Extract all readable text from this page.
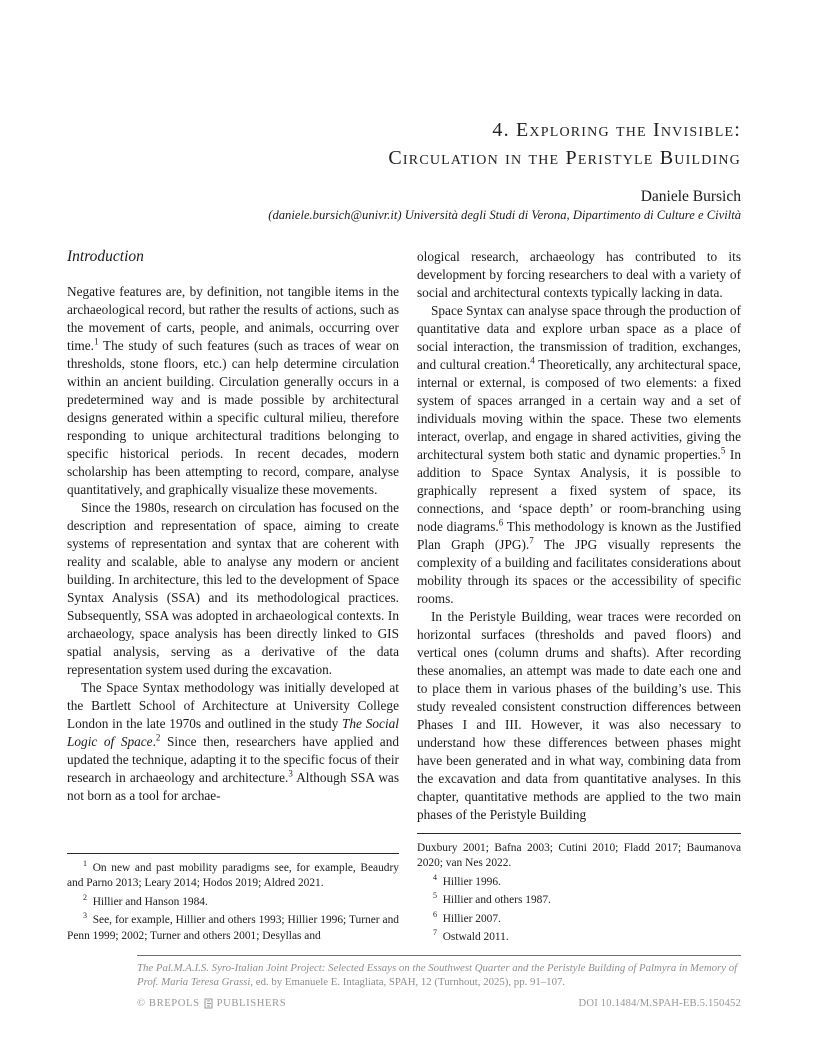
4. Exploring the Invisible:
Circulation in the Peristyle Building
Daniele Bursich
(daniele.bursich@univr.it) Università degli Studi di Verona, Dipartimento di Culture e Civiltà
Introduction

Negative features are, by definition, not tangible items in the archaeological record, but rather the results of actions, such as the movement of carts, people, and animals, occurring over time.$^1$ The study of such features (such as traces of wear on thresholds, stone floors, etc.) can help determine circulation within an ancient building. Circulation generally occurs in a predetermined way and is made possible by architectural designs generated within a specific cultural milieu, therefore responding to unique architectural traditions belonging to specific historical periods. In recent decades, modern scholarship has been attempting to record, compare, analyse quantitatively, and graphically visualize these movements.

Since the 1980s, research on circulation has focused on the description and representation of space, aiming to create systems of representation and syntax that are coherent with reality and scalable, able to analyse any modern or ancient building. In architecture, this led to the development of Space Syntax Analysis (SSA) and its methodological practices. Subsequently, SSA was adopted in archaeological contexts. In archaeology, space analysis has been directly linked to GIS spatial analysis, serving as a derivative of the data representation system used during the excavation.

The Space Syntax methodology was initially developed at the Bartlett School of Architecture at University College London in the late 1970s and outlined in the study The Social Logic of Space.$^2$ Since then, researchers have applied and updated the technique, adapting it to the specific focus of their research in archaeology and architecture.$^3$ Although SSA was not born as a tool for archae-

ological research, archaeology has contributed to its development by forcing researchers to deal with a variety of social and architectural contexts typically lacking in data.

Space Syntax can analyse space through the production of quantitative data and explore urban space as a place of social interaction, the transmission of tradition, exchanges, and cultural creation.$^4$ Theoretically, any architectural space, internal or external, is composed of two elements: a fixed system of spaces arranged in a certain way and a set of individuals moving within the space. These two elements interact, overlap, and engage in shared activities, giving the architectural system both static and dynamic properties.$^5$ In addition to Space Syntax Analysis, it is possible to graphically represent a fixed system of space, its connections, and ‘space depth’ or room-branching using node diagrams.$^6$ This methodology is known as the Justified Plan Graph (JPG).$^7$ The JPG visually represents the complexity of a building and facilitates considerations about mobility through its spaces or the accessibility of specific rooms.

In the Peristyle Building, wear traces were recorded on horizontal surfaces (thresholds and paved floors) and vertical ones (column drums and shafts). After recording these anomalies, an attempt was made to date each one and to place them in various phases of the building’s use. This study revealed consistent construction differences between Phases I and III. However, it was also necessary to understand how these differences between phases might have been generated and in what way, combining data from the excavation and data from quantitative analyses. In this chapter, quantitative methods are applied to the two main phases of the Peristyle Building

$^1$ On new and past mobility paradigms see, for example, Beaudry and Parno 2013; Leary 2014; Hodos 2019; Aldred 2021.

$^2$ Hillier and Hanson 1984.

$^3$ See, for example, Hillier and others 1993; Hillier 1996; Turner and Penn 1999; 2002; Turner and others 2001; Desyllas and

Duxbury 2001; Bafna 2003; Cutini 2010; Fladd 2017; Baumanova 2020; van Nes 2022.

$^4$ Hillier 1996.

$^5$ Hillier and others 1987.

$^6$ Hillier 2007.

$^7$ Ostwald 2011.

The Pal.M.A.I.S. Syro-Italian Joint Project: Selected Essays on the Southwest Quarter and the Peristyle Building of Palmyra in Memory of Prof. Maria Teresa Grassi, ed. by Emanuele E. Intagliata, SPAH, 12 (Turnhout, 2025), pp. 91–107.

© BREPOLS PUBLISHERS	DOI 10.1484/M.SPAH-EB.5.150452
